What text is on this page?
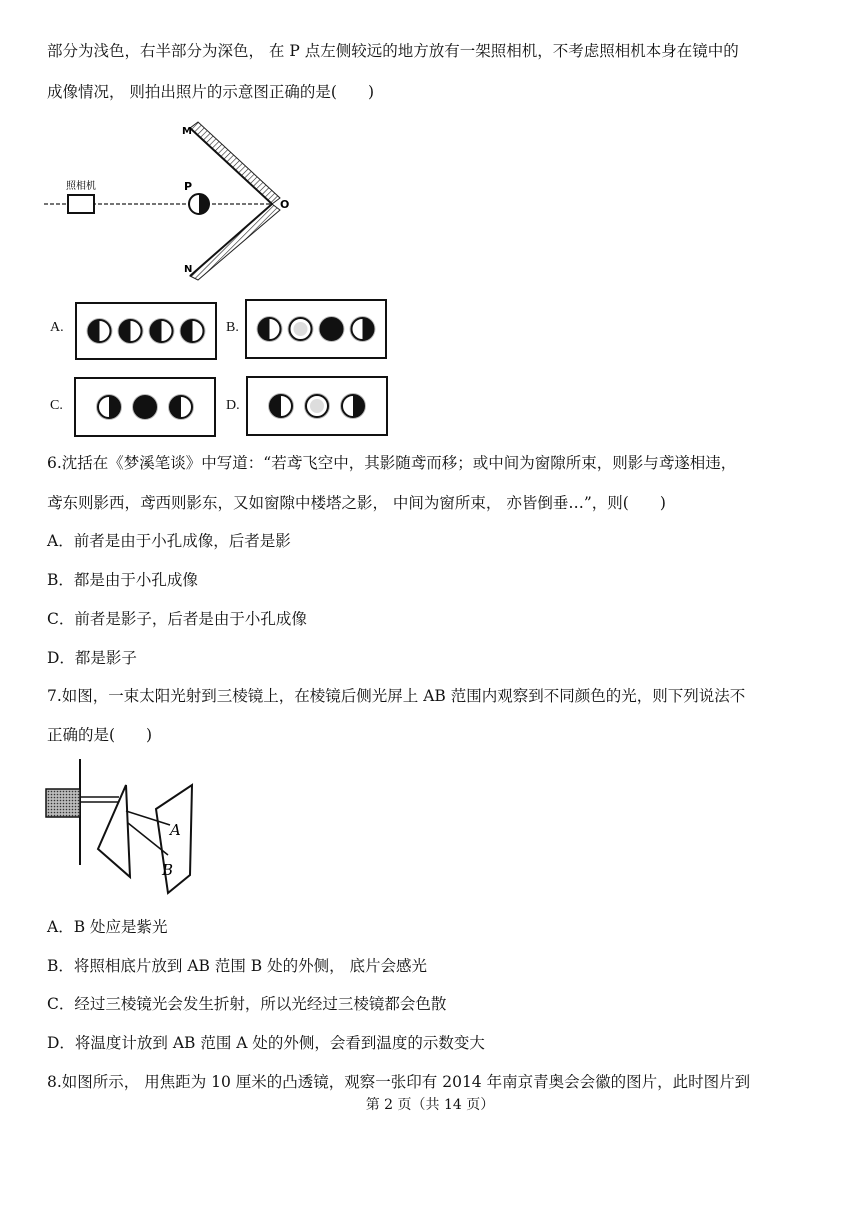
部分为浅色，右半部分为深色， 在 P 点左侧较远的地方放有一架照相机，不考虑照相机本身在镜中的
成像情况， 则拍出照片的示意图正确的是(　　)
照相机	P
O
M
N
A.	B.
C.	D.
6.沈括在《梦溪笔谈》中写道：“若鸢飞空中，其影随鸢而移；或中间为窗隙所束，则影与鸢遂相违，
鸢东则影西，鸢西则影东，又如窗隙中楼塔之影， 中间为窗所束， 亦皆倒垂…”，则(　　)
A．前者是由于小孔成像，后者是影
B．都是由于小孔成像
C．前者是影子，后者是由于小孔成像
D．都是影子
7.如图，一束太阳光射到三棱镜上，在棱镜后侧光屏上 AB 范围内观察到不同颜色的光，则下列说法不
正确的是(　　)
A
B
A．B 处应是紫光
B．将照相底片放到 AB 范围 B 处的外侧， 底片会感光
C．经过三棱镜光会发生折射，所以光经过三棱镜都会色散
D．将温度计放到 AB 范围 A 处的外侧，会看到温度的示数变大
8.如图所示， 用焦距为 10 厘米的凸透镜，观察一张印有 2014 年南京青奥会会徽的图片，此时图片到
第 2 页（共 14 页）
